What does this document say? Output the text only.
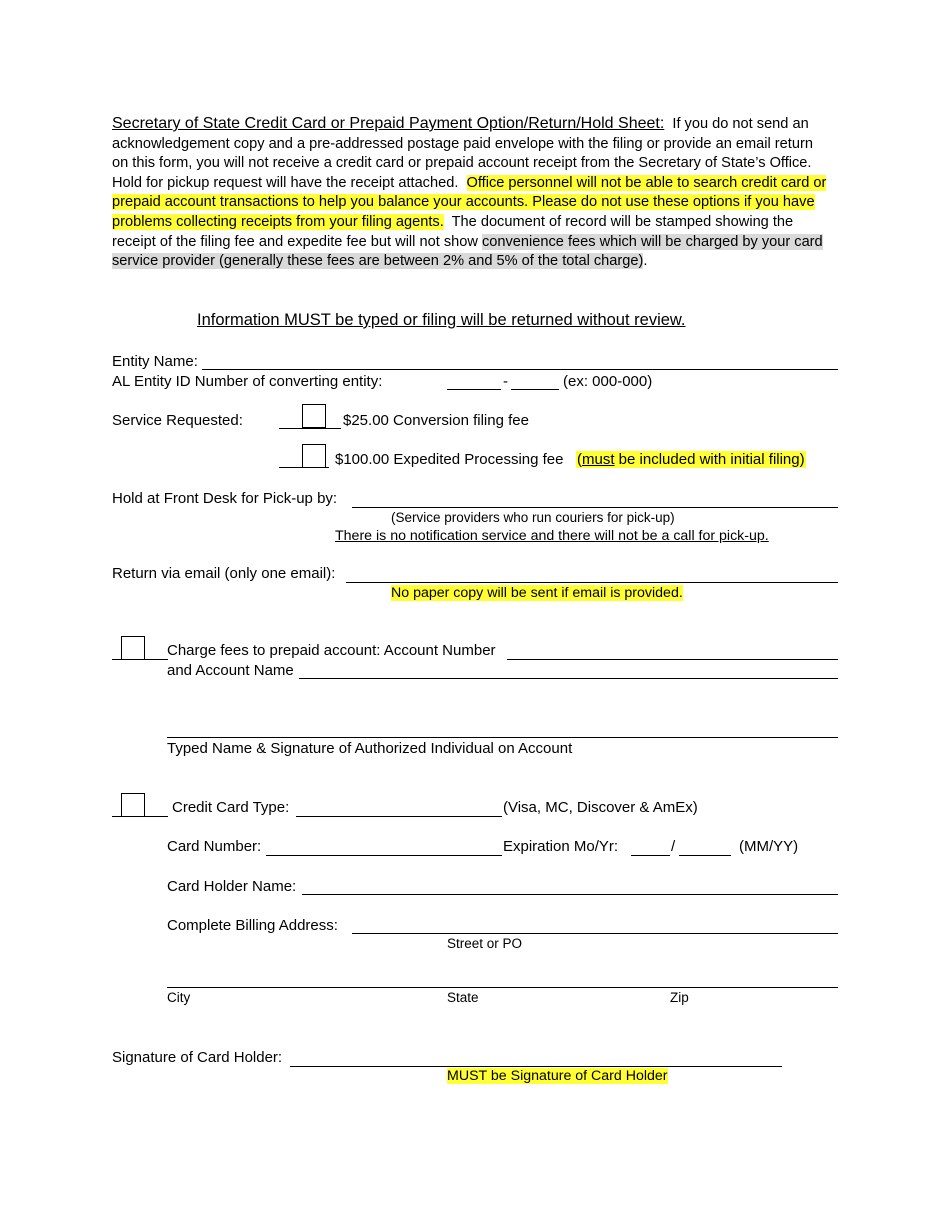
Secretary of State Credit Card or Prepaid Payment Option/Return/Hold Sheet: If you do not send an acknowledgement copy and a pre-addressed postage paid envelope with the filing or provide an email return on this form, you will not receive a credit card or prepaid account receipt from the Secretary of State’s Office. Hold for pickup request will have the receipt attached. Office personnel will not be able to search credit card or prepaid account transactions to help you balance your accounts. Please do not use these options if you have problems collecting receipts from your filing agents. The document of record will be stamped showing the receipt of the filing fee and expedite fee but will not show convenience fees which will be charged by your card service provider (generally these fees are between 2% and 5% of the total charge).
Information MUST be typed or filing will be returned without review.
Entity Name:
AL Entity ID Number of converting entity:	-	(ex: 000-000)
Service Requested:	$25.00 Conversion filing fee
$100.00 Expedited Processing fee (must be included with initial filing)
Hold at Front Desk for Pick-up by:
(Service providers who run couriers for pick-up)
There is no notification service and there will not be a call for pick-up.
Return via email (only one email):
No paper copy will be sent if email is provided.
Charge fees to prepaid account: Account Number
and Account Name
Typed Name & Signature of Authorized Individual on Account
Credit Card Type:	(Visa, MC, Discover & AmEx)
Card Number:	Expiration Mo/Yr:	/	(MM/YY)
Card Holder Name:
Complete Billing Address:
Street or PO
City	State	Zip
Signature of Card Holder:
MUST be Signature of Card Holder
